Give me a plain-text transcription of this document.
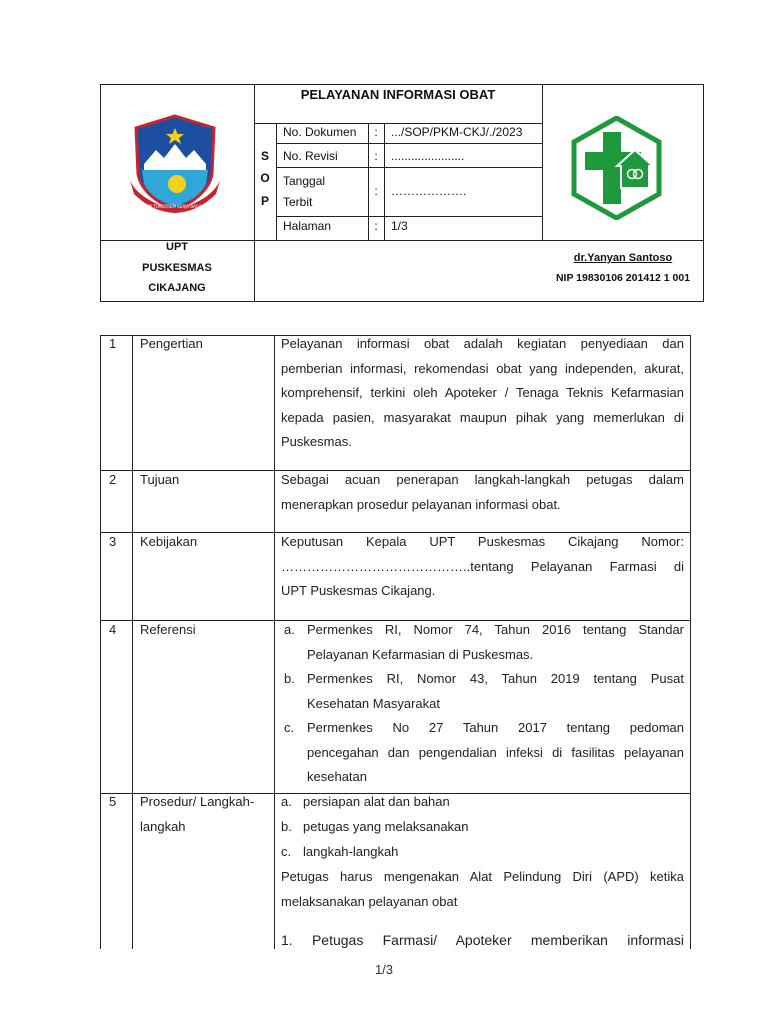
PELAYANAN INFORMASI OBAT
S
O
P
No. Dokumen	:	.../SOP/PKM-CKJ/./2023
No. Revisi	:	......................
Tanggal
Terbit
:	……………….
Halaman	:	1/3
UPT
PUSKESMAS
CIKAJANG
dr.Yanyan Santoso
NIP 19830106 201412 1 001
DEIN TONGTREM KERJA BAGAMA
1 Pengertian	Pelayanan informasi obat adalah kegiatan penyediaan dan
pemberian informasi, rekomendasi obat yang independen, akurat,
komprehensif, terkini oleh Apoteker / Tenaga Teknis Kefarmasian
kepada pasien, masyarakat maupun pihak yang memerlukan di
Puskesmas.
2 Tujuan	Sebagai acuan penerapan langkah-langkah petugas dalam
menerapkan prosedur pelayanan informasi obat.
3 Kebijakan	Keputusan Kepala UPT Puskesmas Cikajang Nomor:
……………………………………..tentang Pelayanan Farmasi di
UPT Puskesmas Cikajang.
4 Referensi	a. Permenkes RI, Nomor 74, Tahun 2016 tentang Standar
Pelayanan Kefarmasian di Puskesmas.
b. Permenkes RI, Nomor 43, Tahun 2019 tentang Pusat
Kesehatan Masyarakat
c. Permenkes No 27 Tahun 2017 tentang pedoman
pencegahan dan pengendalian infeksi di fasilitas pelayanan
kesehatan
5 Prosedur/ Langkah-
langkah
a. persiapan alat dan bahan
b. petugas yang melaksanakan
c. langkah-langkah
Petugas harus mengenakan Alat Pelindung Diri (APD) ketika
melaksanakan pelayanan obat
1. Petugas Farmasi/ Apoteker memberikan informasi
1/3
